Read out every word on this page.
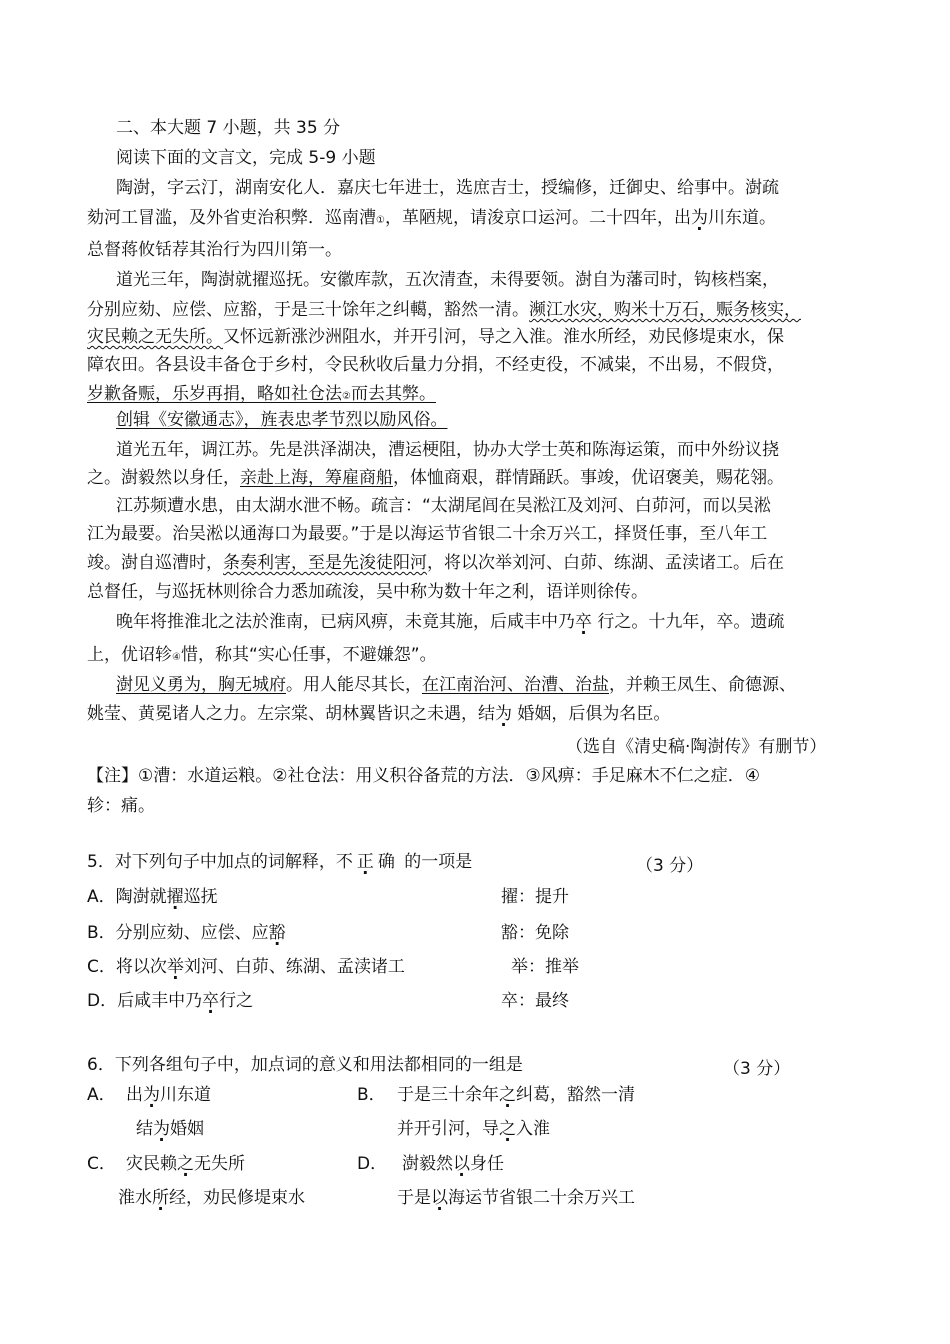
二、本大题 7 小题，共 35 分
阅读下面的文言文，完成 5-9 小题
陶澍，字云汀，湖南安化人．嘉庆七年进士，选庶吉士，授编修，迁御史、给事中。澍疏
劾河工冒滥，及外省吏治积弊．巡南漕①，革陋规，请浚京口运河。二十四年，出为川东道。
总督蒋攸铦荐其治行为四川第一。
道光三年，陶澍就擢巡抚。安徽库款，五次清查，未得要领。澍自为藩司时，钩核档案，
分别应劾、应偿、应豁，于是三十馀年之纠轕，豁然一清。濒江水灾，购米十万石，赈务核实，
灾民赖之无失所。又怀远新涨沙洲阻水，并开引河，导之入淮。淮水所经，劝民修堤束水，保
障农田。各县设丰备仓于乡村，令民秋收后量力分捐，不经吏役，不减粜，不出易，不假贷，
岁歉备赈，乐岁再捐，略如社仓法②而去其弊。
创辑《安徽通志》，旌表忠孝节烈以励风俗。
道光五年，调江苏。先是洪泽湖决，漕运梗阻，协办大学士英和陈海运策，而中外纷议挠
之。澍毅然以身任，亲赴上海，筹雇商船，体恤商艰，群情踊跃。事竣，优诏褒美，赐花翎。
江苏频遭水患，由太湖水泄不畅。疏言：“太湖尾闾在吴淞江及刘河、白茆河，而以吴淞
江为最要。治吴淞以通海口为最要。”于是以海运节省银二十余万兴工，择贤任事，至八年工
竣。澍自巡漕时，条奏利害，至是先浚徒阳河，将以次举刘河、白茆、练湖、孟渎诸工。后在
总督任，与巡抚林则徐合力悉加疏浚，吴中称为数十年之利，语详则徐传。
晚年将推淮北之法於淮南，已病风痹，未竟其施，后咸丰中乃卒 行之。十九年，卒。遗疏
上，优诏轸④惜，称其“实心任事，不避嫌怨”。
澍见义勇为，胸无城府。用人能尽其长，在江南治河、治漕、治盐，并赖王凤生、俞德源、
姚莹、黄冕诸人之力。左宗棠、胡林翼皆识之未遇，结为 婚姻，后俱为名臣。
（选自《清史稿·陶澍传》有删节）
【注】①漕：水道运粮。②社仓法：用义积谷备荒的方法．③风痹：手足麻木不仁之症．④
轸：痛。
5．对下列句子中加点的词解释，不正确 的一项是	（3 分）
A．陶澍就擢巡抚	擢：提升
B．分别应劾、应偿、应豁	豁：免除
C．将以次举刘河、白茆、练湖、孟渎诸工	举：推举
D．后咸丰中乃卒行之	卒：最终
6．下列各组句子中，加点词的意义和用法都相同的一组是	（3 分）
A． 出为川东道
结为婚姻
B． 于是三十余年之纠葛，豁然一清
并开引河，导之入淮
C． 灾民赖之无失所
淮水所经，劝民修堤束水
D． 澍毅然以身任
于是以海运节省银二十余万兴工
